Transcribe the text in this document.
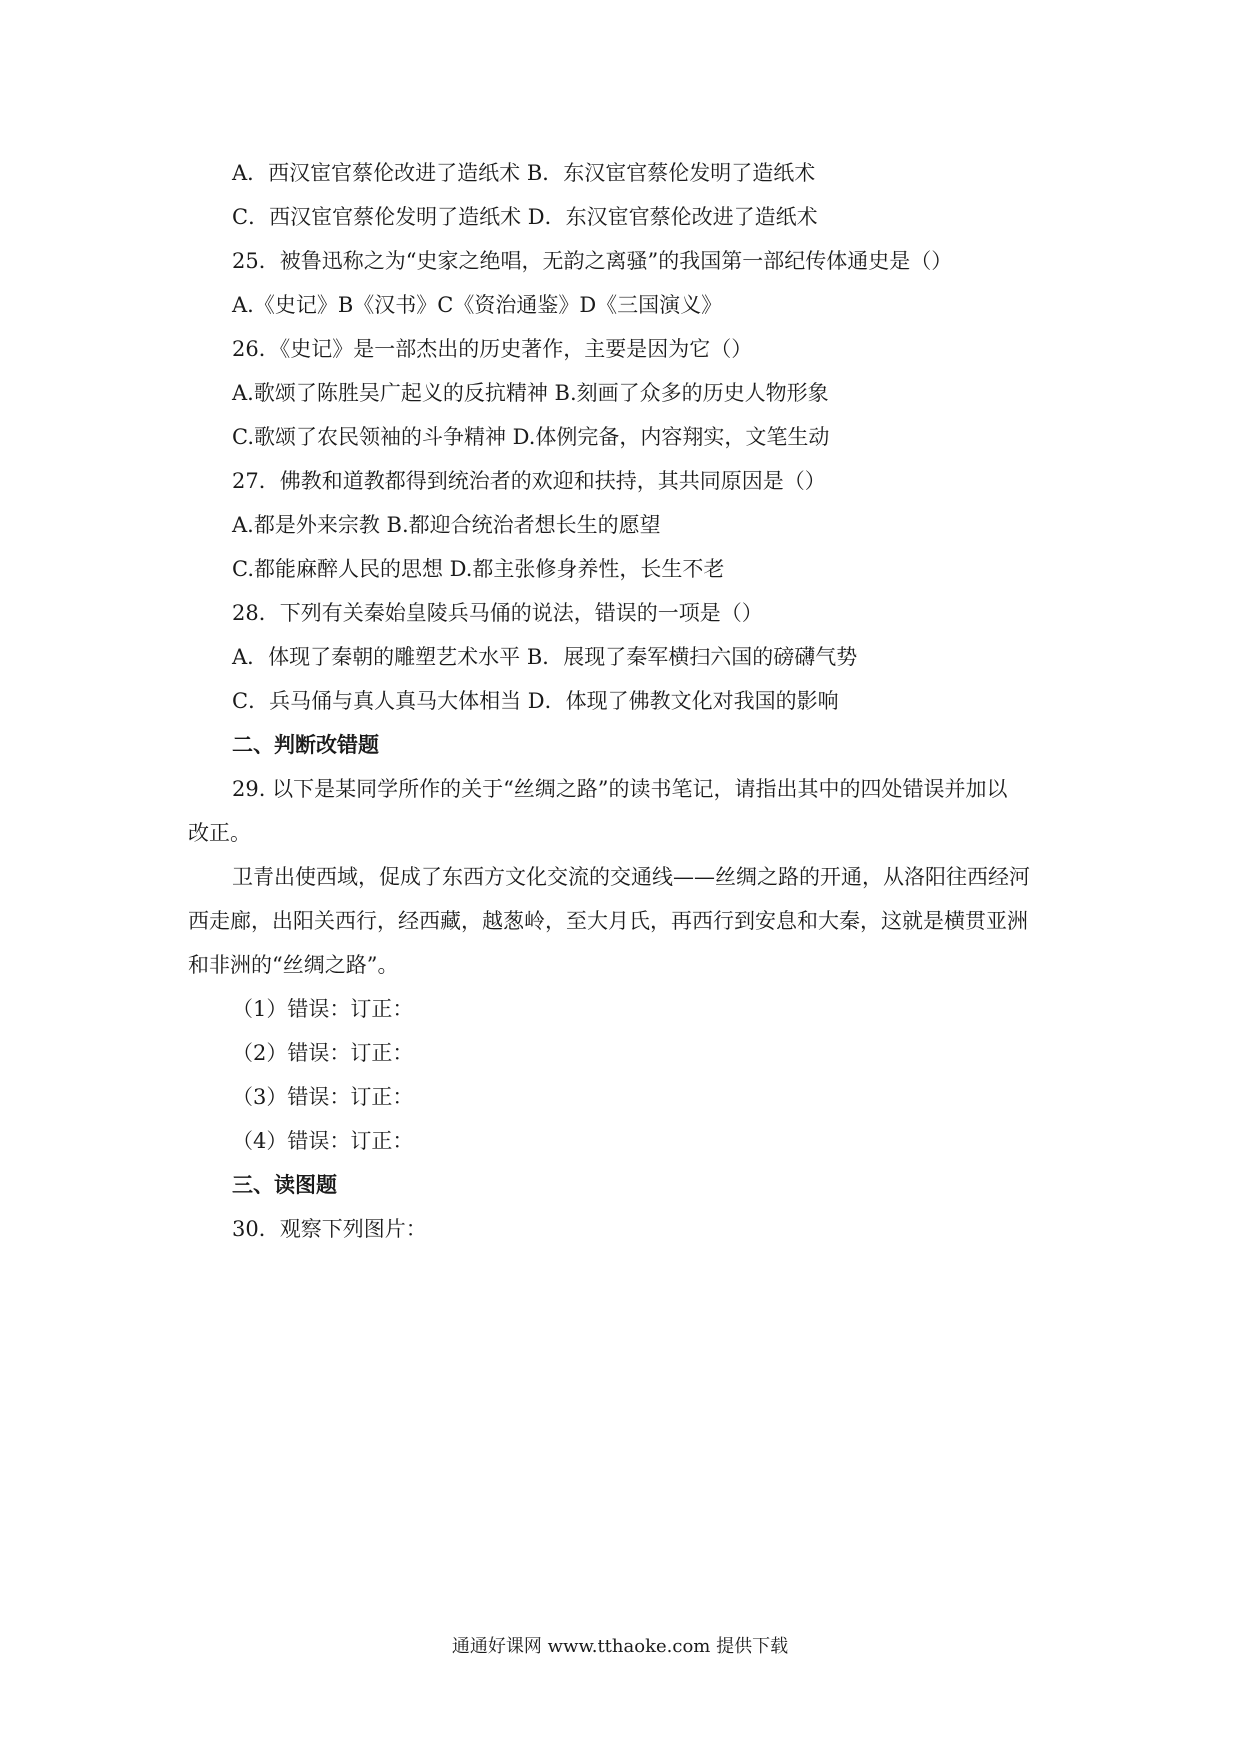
A．西汉宦官蔡伦改进了造纸术 B．东汉宦官蔡伦发明了造纸术
C．西汉宦官蔡伦发明了造纸术 D．东汉宦官蔡伦改进了造纸术
25．被鲁迅称之为“史家之绝唱，无韵之离骚”的我国第一部纪传体通史是（）
A.《史记》B《汉书》C《资治通鉴》D《三国演义》
26．《史记》是一部杰出的历史著作，主要是因为它（）
A.歌颂了陈胜吴广起义的反抗精神 B.刻画了众多的历史人物形象
C.歌颂了农民领袖的斗争精神 D.体例完备，内容翔实，文笔生动
27．佛教和道教都得到统治者的欢迎和扶持，其共同原因是（）
A.都是外来宗教 B.都迎合统治者想长生的愿望
C.都能麻醉人民的思想 D.都主张修身养性，长生不老
28．下列有关秦始皇陵兵马俑的说法，错误的一项是（）
A．体现了秦朝的雕塑艺术水平 B．展现了秦军横扫六国的磅礴气势
C．兵马俑与真人真马大体相当 D．体现了佛教文化对我国的影响
二、判断改错题
29. 以下是某同学所作的关于“丝绸之路”的读书笔记，请指出其中的四处错误并加以
改正。
卫青出使西域，促成了东西方文化交流的交通线——丝绸之路的开通，从洛阳往西经河
西走廊，出阳关西行，经西藏，越葱岭，至大月氏，再西行到安息和大秦，这就是横贯亚洲
和非洲的“丝绸之路”。
（1）错误：订正：
（2）错误：订正：
（3）错误：订正：
（4）错误：订正：
三、读图题
30．观察下列图片：
通通好课网 www.tthaoke.com 提供下载
